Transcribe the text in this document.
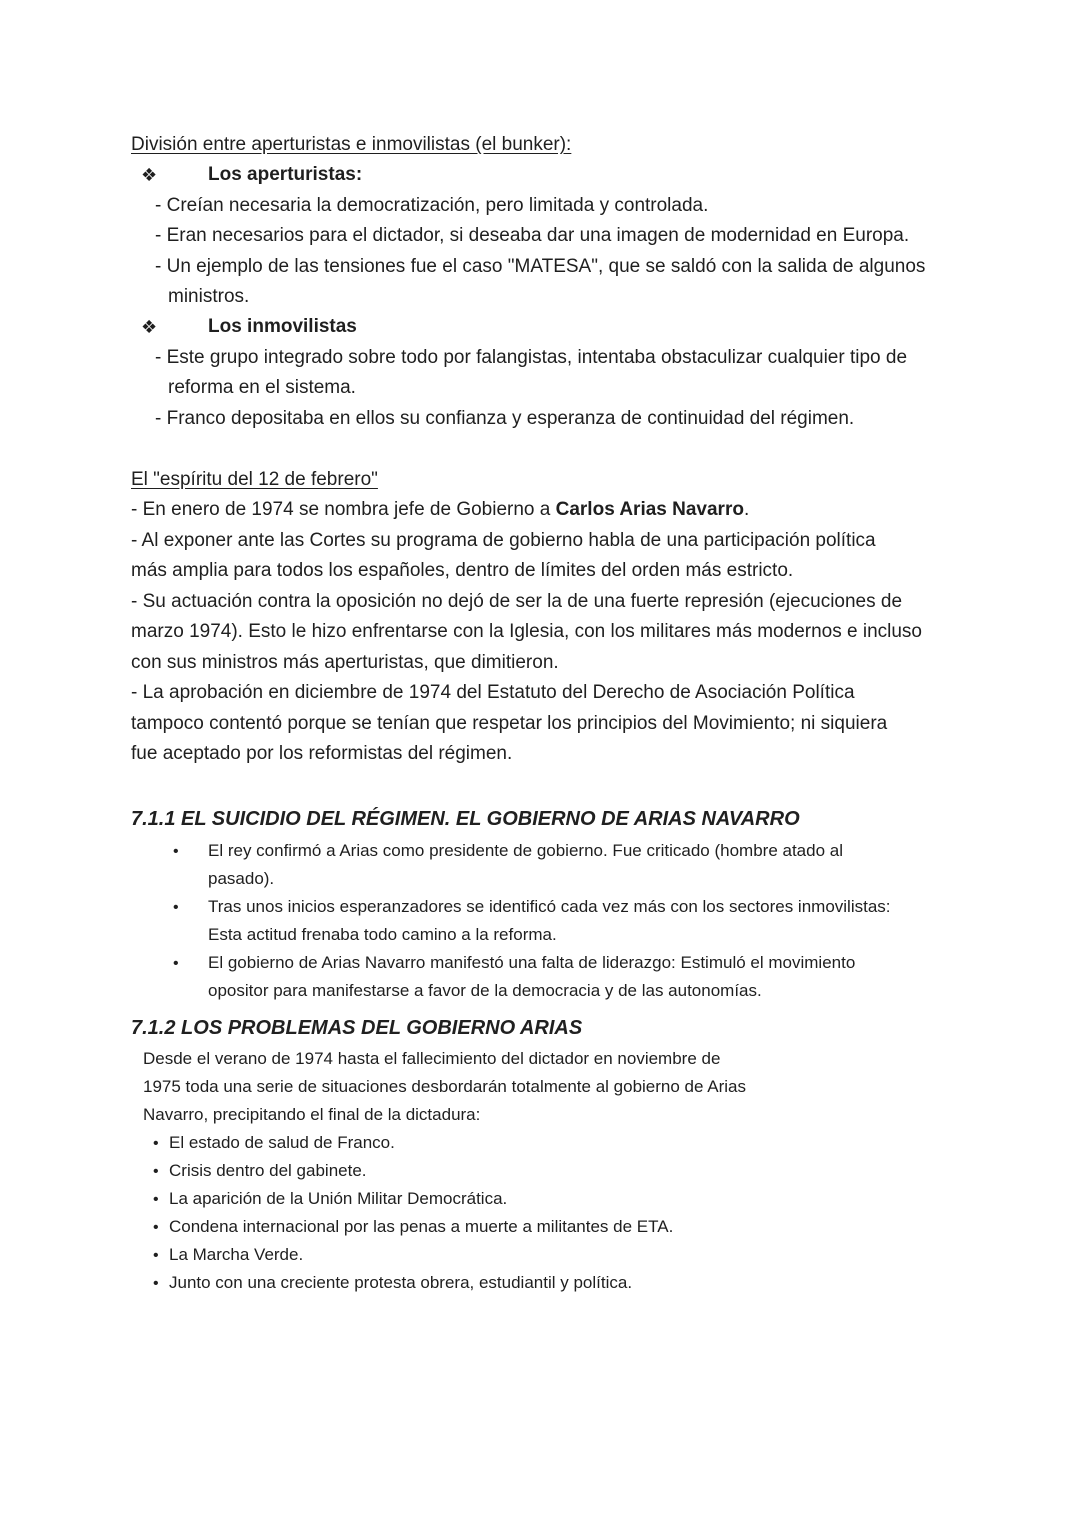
División entre aperturistas e inmovilistas (el bunker):
❖	Los aperturistas:
- Creían necesaria la democratización, pero limitada y controlada.
- Eran necesarios para el dictador, si deseaba dar una imagen de modernidad en Europa.
- Un ejemplo de las tensiones fue el caso "MATESA", que se saldó con la salida de algunos
ministros.
❖	Los inmovilistas
- Este grupo integrado sobre todo por falangistas, intentaba obstaculizar cualquier tipo de
reforma en el sistema.
- Franco depositaba en ellos su confianza y esperanza de continuidad del régimen.
El "espíritu del 12 de febrero"
- En enero de 1974 se nombra jefe de Gobierno a Carlos Arias Navarro.
- Al exponer ante las Cortes su programa de gobierno habla de una participación política
más amplia para todos los españoles, dentro de límites del orden más estricto.
- Su actuación contra la oposición no dejó de ser la de una fuerte represión (ejecuciones de
marzo 1974). Esto le hizo enfrentarse con la Iglesia, con los militares más modernos e incluso
con sus ministros más aperturistas, que dimitieron.
- La aprobación en diciembre de 1974 del Estatuto del Derecho de Asociación Política
tampoco contentó porque se tenían que respetar los principios del Movimiento; ni siquiera
fue aceptado por los reformistas del régimen.
7.1.1 EL SUICIDIO DEL RÉGIMEN. EL GOBIERNO DE ARIAS NAVARRO
• El rey confirmó a Arias como presidente de gobierno. Fue criticado (hombre atado al
pasado).
• Tras unos inicios esperanzadores se identificó cada vez más con los sectores inmovilistas:
Esta actitud frenaba todo camino a la reforma.
• El gobierno de Arias Navarro manifestó una falta de liderazgo: Estimuló el movimiento
opositor para manifestarse a favor de la democracia y de las autonomías.
7.1.2 LOS PROBLEMAS DEL GOBIERNO ARIAS
Desde el verano de 1974 hasta el fallecimiento del dictador en noviembre de
1975 toda una serie de situaciones desbordarán totalmente al gobierno de Arias
Navarro, precipitando el final de la dictadura:
• El estado de salud de Franco.
• Crisis dentro del gabinete.
• La aparición de la Unión Militar Democrática.
• Condena internacional por las penas a muerte a militantes de ETA.
• La Marcha Verde.
• Junto con una creciente protesta obrera, estudiantil y política.
